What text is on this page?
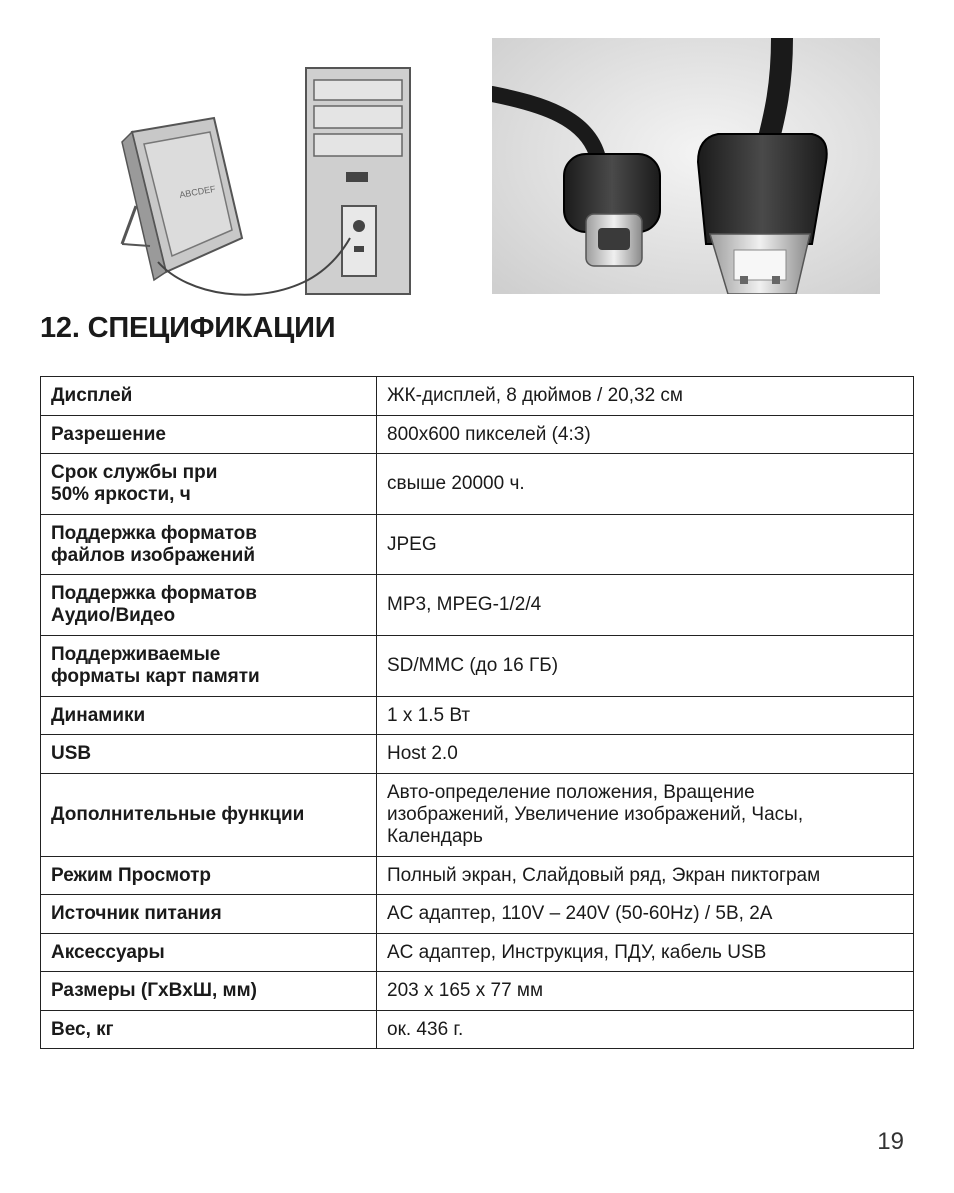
ABCDEF
12. СПЕЦИФИКАЦИИ
Дисплей	ЖК-дисплей, 8 дюймов / 20,32 см

Разрешение	800x600 пикселей (4:3)

Срок службы при
50% яркости, ч	свыше 20000 ч.

Поддержка форматов
файлов изображений	JPEG

Поддержка форматов
Аудио/Видео	MP3, MPEG-1/2/4

Поддерживаемые
форматы карт памяти	SD/MMC (до 16 ГБ)

Динамики	1 x 1.5 Вт

USB	Host 2.0

Дополнительные функции	Авто-определение положения, Вращение
изображений, Увеличение изображений, Часы,
Календарь

Режим Просмотр	Полный экран, Слайдовый ряд, Экран пиктограм

Источник питания	AC адаптер, 110V – 240V (50-60Hz) / 5В, 2A

Аксессуары	AC адаптер, Инструкция, ПДУ, кабель USB

Размеры (ГxВxШ, мм)	203 x 165 x 77 мм

Вес, кг	ок. 436 г.
19
